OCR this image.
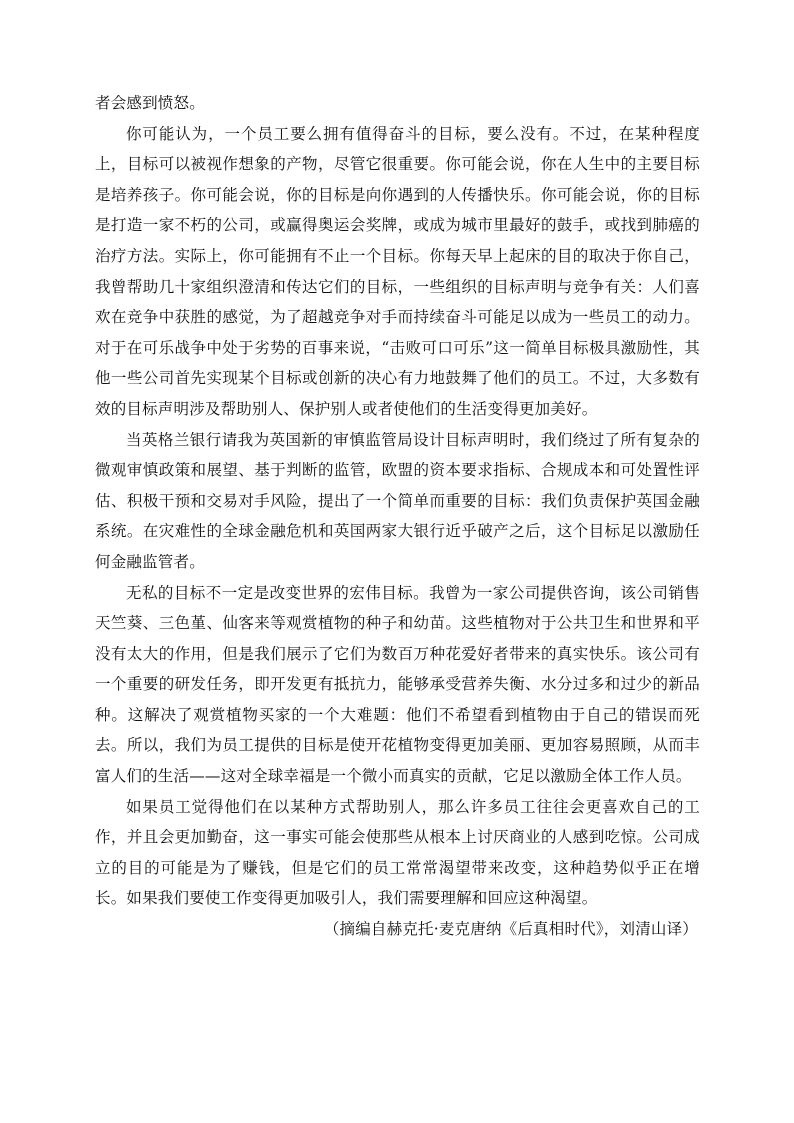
者会感到愤怒。

你可能认为，一个员工要么拥有值得奋斗的目标，要么没有。不过，在某种程度上，目标可以被视作想象的产物，尽管它很重要。你可能会说，你在人生中的主要目标是培养孩子。你可能会说，你的目标是向你遇到的人传播快乐。你可能会说，你的目标是打造一家不朽的公司，或赢得奥运会奖牌，或成为城市里最好的鼓手，或找到肺癌的治疗方法。实际上，你可能拥有不止一个目标。你每天早上起床的目的取决于你自己，我曾帮助几十家组织澄清和传达它们的目标，一些组织的目标声明与竞争有关：人们喜欢在竞争中获胜的感觉，为了超越竞争对手而持续奋斗可能足以成为一些员工的动力。对于在可乐战争中处于劣势的百事来说，“击败可口可乐”这一简单目标极具激励性，其他一些公司首先实现某个目标或创新的决心有力地鼓舞了他们的员工。不过，大多数有效的目标声明涉及帮助别人、保护别人或者使他们的生活变得更加美好。

当英格兰银行请我为英国新的审慎监管局设计目标声明时，我们绕过了所有复杂的微观审慎政策和展望、基于判断的监管，欧盟的资本要求指标、合规成本和可处置性评估、积极干预和交易对手风险，提出了一个简单而重要的目标：我们负责保护英国金融系统。在灾难性的全球金融危机和英国两家大银行近乎破产之后，这个目标足以激励任何金融监管者。

无私的目标不一定是改变世界的宏伟目标。我曾为一家公司提供咨询，该公司销售天竺葵、三色堇、仙客来等观赏植物的种子和幼苗。这些植物对于公共卫生和世界和平没有太大的作用，但是我们展示了它们为数百万种花爱好者带来的真实快乐。该公司有一个重要的研发任务，即开发更有抵抗力，能够承受营养失衡、水分过多和过少的新品种。这解决了观赏植物买家的一个大难题：他们不希望看到植物由于自己的错误而死去。所以，我们为员工提供的目标是使开花植物变得更加美丽、更加容易照顾，从而丰富人们的生活——这对全球幸福是一个微小而真实的贡献，它足以激励全体工作人员。

如果员工觉得他们在以某种方式帮助别人，那么许多员工往往会更喜欢自己的工作，并且会更加勤奋，这一事实可能会使那些从根本上讨厌商业的人感到吃惊。公司成立的目的可能是为了赚钱，但是它们的员工常常渴望带来改变，这种趋势似乎正在增长。如果我们要使工作变得更加吸引人，我们需要理解和回应这种渴望。

（摘编自赫克托·麦克唐纳《后真相时代》，刘清山译）
